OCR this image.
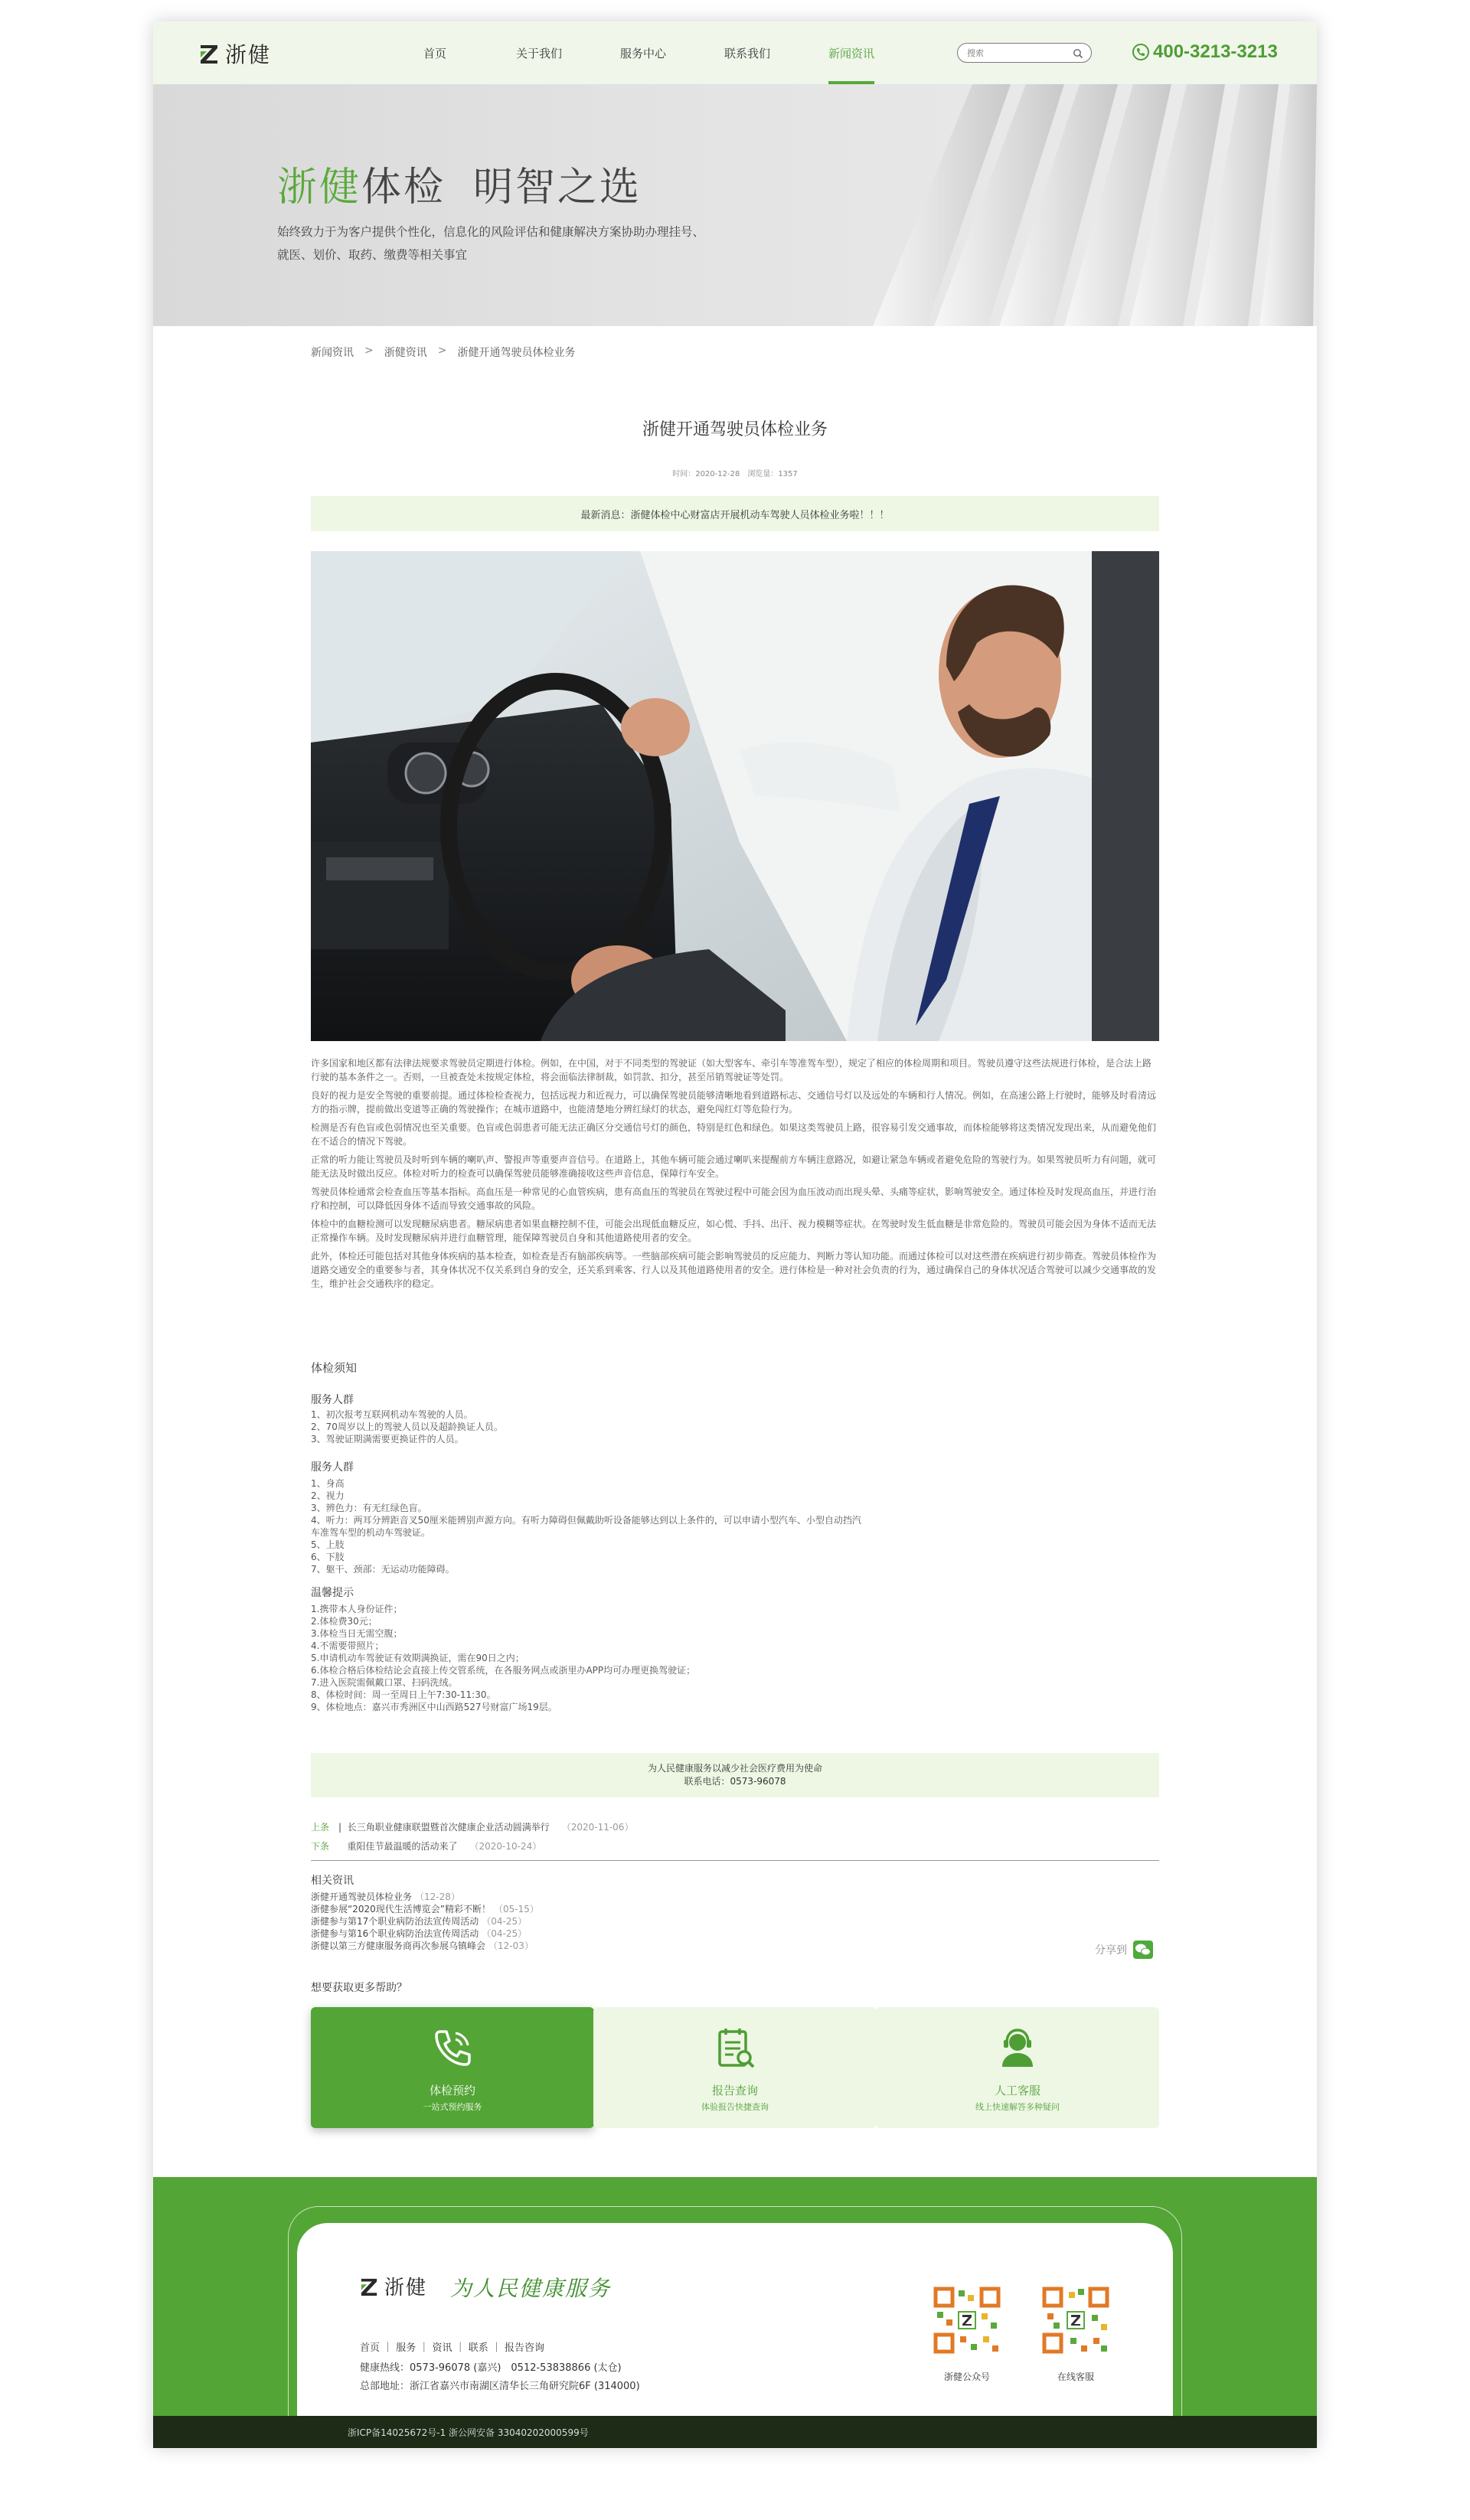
浙健	首页	关于我们	服务中心	联系我们	新闻资讯
搜索	400-3213-3213
浙健体检 明智之选
始终致力于为客户提供个性化，信息化的风险评估和健康解决方案协助办理挂号、就医、划价、取药、缴费等相关事宜
新闻资讯 > 浙健资讯 > 浙健开通驾驶员体检业务
浙健开通驾驶员体检业务
时间：2020-12-28　浏览量：1357
最新消息：浙健体检中心财富店开展机动车驾驶人员体检业务啦！！！

许多国家和地区都有法律法规要求驾驶员定期进行体检。例如，在中国，对于不同类型的驾驶证（如大型客车、牵引车等准驾车型），规定了相应的体检周期和项目。驾驶员遵守这些法规进行体检，是合法上路行驶的基本条件之一。否则，一旦被查处未按规定体检，将会面临法律制裁，如罚款、扣分，甚至吊销驾驶证等处罚。

良好的视力是安全驾驶的重要前提。通过体检检查视力，包括远视力和近视力，可以确保驾驶员能够清晰地看到道路标志、交通信号灯以及远处的车辆和行人情况。例如，在高速公路上行驶时，能够及时看清远方的指示牌，提前做出变道等正确的驾驶操作；在城市道路中，也能清楚地分辨红绿灯的状态，避免闯红灯等危险行为。

检测是否有色盲或色弱情况也至关重要。色盲或色弱患者可能无法正确区分交通信号灯的颜色，特别是红色和绿色。如果这类驾驶员上路，很容易引发交通事故，而体检能够将这类情况发现出来，从而避免他们在不适合的情况下驾驶。

正常的听力能让驾驶员及时听到车辆的喇叭声、警报声等重要声音信号。在道路上，其他车辆可能会通过喇叭来提醒前方车辆注意路况，如避让紧急车辆或者避免危险的驾驶行为。如果驾驶员听力有问题，就可能无法及时做出反应。体检对听力的检查可以确保驾驶员能够准确接收这些声音信息，保障行车安全。

驾驶员体检通常会检查血压等基本指标。高血压是一种常见的心血管疾病，患有高血压的驾驶员在驾驶过程中可能会因为血压波动而出现头晕、头痛等症状，影响驾驶安全。通过体检及时发现高血压，并进行治疗和控制，可以降低因身体不适而导致交通事故的风险。

体检中的血糖检测可以发现糖尿病患者。糖尿病患者如果血糖控制不佳，可能会出现低血糖反应，如心慌、手抖、出汗、视力模糊等症状。在驾驶时发生低血糖是非常危险的。驾驶员可能会因为身体不适而无法正常操作车辆。及时发现糖尿病并进行血糖管理，能保障驾驶员自身和其他道路使用者的安全。

此外，体检还可能包括对其他身体疾病的基本检查，如检查是否有脑部疾病等。一些脑部疾病可能会影响驾驶员的反应能力、判断力等认知功能。而通过体检可以对这些潜在疾病进行初步筛查。驾驶员体检作为道路交通安全的重要参与者，其身体状况不仅关系到自身的安全，还关系到乘客、行人以及其他道路使用者的安全。进行体检是一种对社会负责的行为，通过确保自己的身体状况适合驾驶可以减少交通事故的发生，维护社会交通秩序的稳定。

体检须知
服务人群
1、初次报考互联网机动车驾驶的人员。
2、70周岁以上的驾驶人员以及超龄换证人员。
3、驾驶证期满需要更换证件的人员。
服务人群
1、身高
2、视力
3、辨色力：有无红绿色盲。
4、听力：两耳分辨距音叉50厘米能辨别声源方向。有听力障碍但佩戴助听设备能够达到以上条件的，可以申请小型汽车、小型自动挡汽车准驾车型的机动车驾驶证。
5、上肢
6、下肢
7、躯干、颈部：无运动功能障碍。
温馨提示
1.携带本人身份证件；
2.体检费30元；
3.体检当日无需空腹；
4.不需要带照片；
5.申请机动车驾驶证有效期满换证，需在90日之内；
6.体检合格后体检结论会直接上传交管系统，在各服务网点或浙里办APP均可办理更换驾驶证；
7.进入医院需佩戴口罩、扫码洗绒。
8、体检时间：周一至周日上午7:30-11:30。
9、体检地点：嘉兴市秀洲区中山西路527号财富广场19层。
为人民健康服务以减少社会医疗费用为使命
联系电话：0573-96078
上条 |  长三角职业健康联盟暨首次健康企业活动圆满举行 （2020-11-06）
下条 重阳佳节最温暖的活动来了 （2020-10-24）
相关资讯
浙健开通驾驶员体检业务 （12-28）
浙健参展“2020现代生活博览会”精彩不断！ （05-15）
浙健参与第17个职业病防治法宣传周活动 （04-25）
浙健参与第16个职业病防治法宣传周活动 （04-25）
浙健以第三方健康服务商再次参展乌镇峰会 （12-03）	分享到
想要获取更多帮助？
体检预约
一站式预约服务
报告查询
体验报告快捷查询
人工客服
线上快速解答多种疑问
浙健 为人民健康服务
首页 ｜ 服务 ｜ 资讯 ｜ 联系 ｜ 报告咨询
健康热线：0573-96078 (嘉兴)　0512-53838866 (太仓)
总部地址：浙江省嘉兴市南湖区清华长三角研究院6F (314000)
浙健公众号	在线客服
浙ICP备14025672号-1 浙公网安备 33040202000599号
